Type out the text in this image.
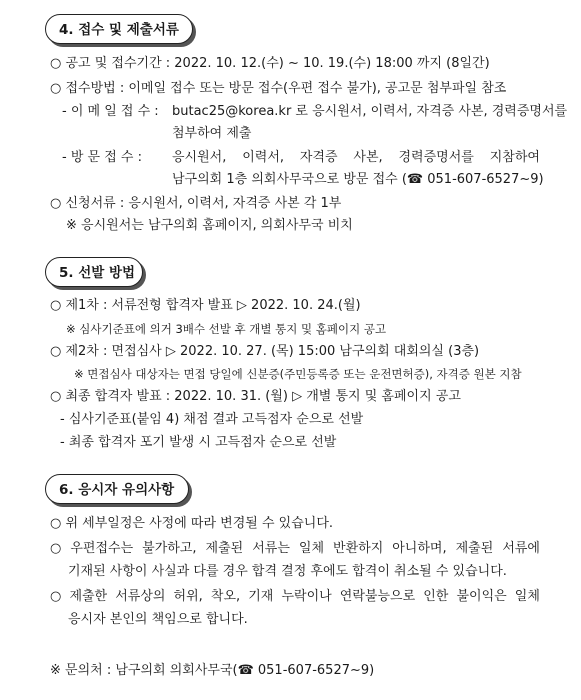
4. 접수 및 제출서류
○ 공고 및 접수기간 : 2022. 10. 12.(수) ~ 10. 19.(수) 18:00 까지 (8일간)
○ 접수방법 : 이메일 접수 또는 방문 접수(우편 접수 불가), 공고문 첨부파일 참조
- 이 메 일 접 수 : butac25@korea.kr 로 응시원서, 이력서, 자격증 사본, 경력증명서를
첨부하여 제출
- 방 문 접 수 : 응시원서, 이력서, 자격증 사본, 경력증명서를 지참하여
남구의회 1층 의회사무국으로 방문 접수 (☎ 051-607-6527~9)
○ 신청서류 : 응시원서, 이력서, 자격증 사본 각 1부
※ 응시원서는 남구의회 홈페이지, 의회사무국 비치
5. 선발 방법
○ 제1차 : 서류전형 합격자 발표 ▷ 2022. 10. 24.(월)
※ 심사기준표에 의거 3배수 선발 후 개별 통지 및 홈페이지 공고
○ 제2차 : 면접심사 ▷ 2022. 10. 27. (목) 15:00 남구의회 대회의실 (3층)
※ 면접심사 대상자는 면접 당일에 신분증(주민등록증 또는 운전면허증), 자격증 원본 지참
○ 최종 합격자 발표 : 2022. 10. 31. (월) ▷ 개별 통지 및 홈페이지 공고
- 심사기준표(붙임 4) 채점 결과 고득점자 순으로 선발
- 최종 합격자 포기 발생 시 고득점자 순으로 선발
6. 응시자 유의사항
○ 위 세부일정은 사정에 따라 변경될 수 있습니다.
○ 우편접수는 불가하고, 제출된 서류는 일체 반환하지 아니하며, 제출된 서류에
기재된 사항이 사실과 다를 경우 합격 결정 후에도 합격이 취소될 수 있습니다.
○ 제출한 서류상의 허위, 착오, 기재 누락이나 연락불능으로 인한 불이익은 일체
응시자 본인의 책임으로 합니다.
※ 문의처 : 남구의회 의회사무국(☎ 051-607-6527~9)
